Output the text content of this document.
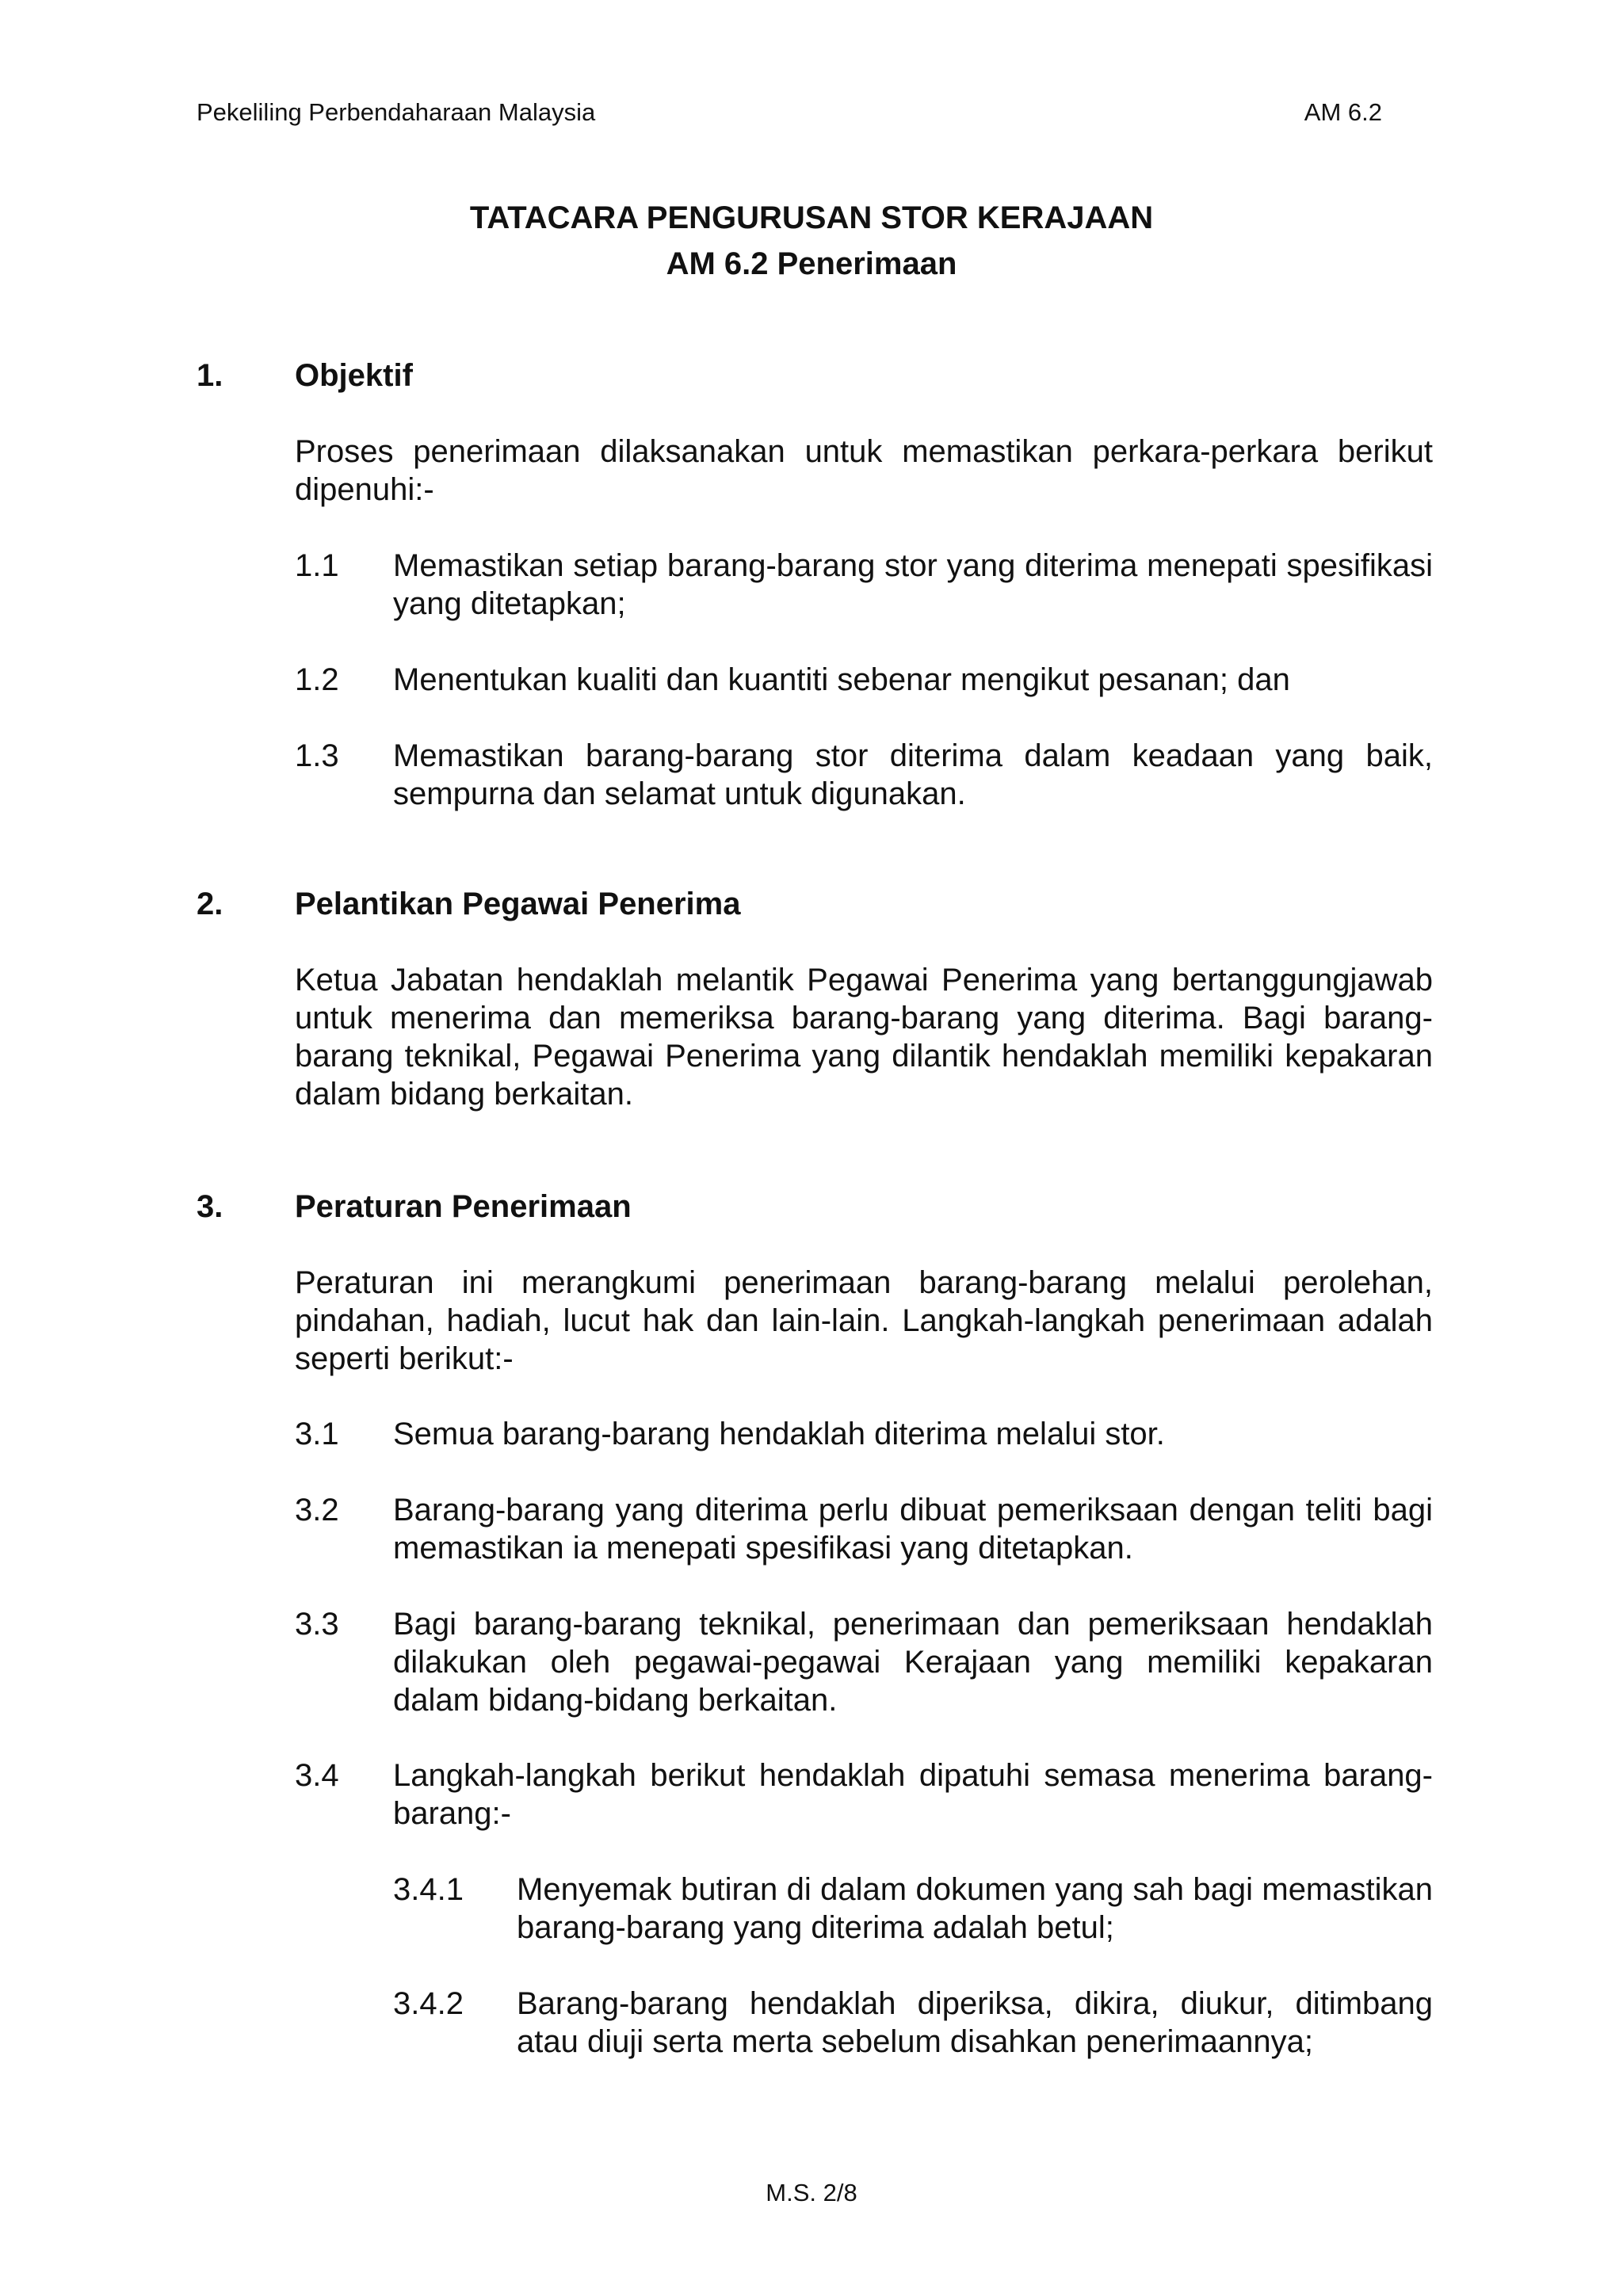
Pekeliling Perbendaharaan Malaysia	AM 6.2
TATACARA PENGURUSAN STOR KERAJAAN
AM 6.2 Penerimaan
1. Objektif
Proses penerimaan dilaksanakan untuk memastikan perkara-perkara berikut dipenuhi:-
1.1 Memastikan setiap barang-barang stor yang diterima menepati spesifikasi yang ditetapkan;
1.2 Menentukan kualiti dan kuantiti sebenar mengikut pesanan; dan
1.3 Memastikan barang-barang stor diterima dalam keadaan yang baik, sempurna dan selamat untuk digunakan.
2. Pelantikan Pegawai Penerima
Ketua Jabatan hendaklah melantik Pegawai Penerima yang bertanggungjawab untuk menerima dan memeriksa barang-barang yang diterima. Bagi barang-barang teknikal, Pegawai Penerima yang dilantik hendaklah memiliki kepakaran dalam bidang berkaitan.
3. Peraturan Penerimaan
Peraturan ini merangkumi penerimaan barang-barang melalui perolehan, pindahan, hadiah, lucut hak dan lain-lain. Langkah-langkah penerimaan adalah seperti berikut:-
3.1 Semua barang-barang hendaklah diterima melalui stor.
3.2 Barang-barang yang diterima perlu dibuat pemeriksaan dengan teliti bagi memastikan ia menepati spesifikasi yang ditetapkan.
3.3 Bagi barang-barang teknikal, penerimaan dan pemeriksaan hendaklah dilakukan oleh pegawai-pegawai Kerajaan yang memiliki kepakaran dalam bidang-bidang berkaitan.
3.4 Langkah-langkah berikut hendaklah dipatuhi semasa menerima barang-barang:-
3.4.1 Menyemak butiran di dalam dokumen yang sah bagi memastikan barang-barang yang diterima adalah betul;
3.4.2 Barang-barang hendaklah diperiksa, dikira, diukur, ditimbang atau diuji serta merta sebelum disahkan penerimaannya;
M.S. 2/8
